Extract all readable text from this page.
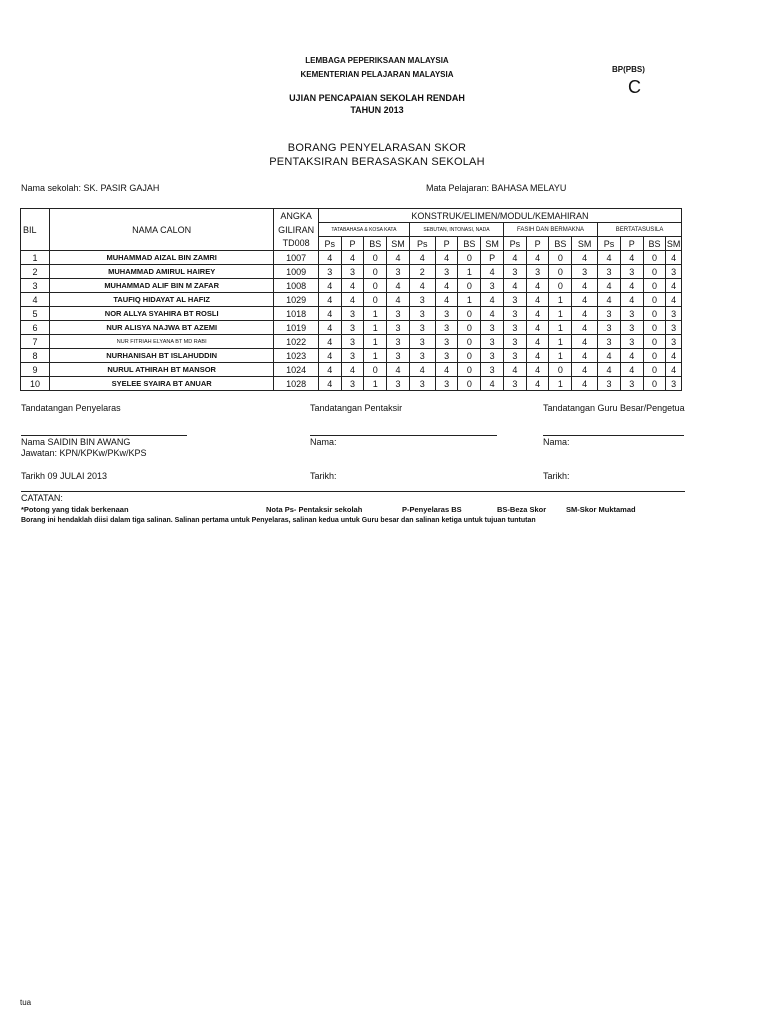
LEMBAGA PEPERIKSAAN MALAYSIA
KEMENTERIAN PELAJARAN MALAYSIA
BP(PBS)
C
UJIAN PENCAPAIAN SEKOLAH RENDAH
TAHUN 2013
BORANG PENYELARASAN SKOR
PENTAKSIRAN BERASASKAN SEKOLAH
Nama sekolah: SK. PASIR GAJAH	Mata Pelajaran: BAHASA MELAYU
BIL	NAMA CALON	ANGKA	KONSTRUK/ELIMEN/MODUL/KEMAHIRAN															
		GILIRAN	TATABAHASA & KOSA KATA				SEBUTAN, INTONASI, NADA				FASIH DAN BERMAKNA				BERTATASUSILA			
		TD008	Ps	P	BS	SM	Ps	P	BS	SM	Ps	P	BS	SM	Ps	P	BS	SM
1	MUHAMMAD AIZAL BIN ZAMRI	1007	4	4	0	4	4	4	0	P	4	4	0	4	4	4	0	4
2	MUHAMMAD AMIRUL HAIREY	1009	3	3	0	3	2	3	1	4	3	3	0	3	3	3	0	3
3	MUHAMMAD ALIF BIN M ZAFAR	1008	4	4	0	4	4	4	0	3	4	4	0	4	4	4	0	4
4	TAUFIQ HIDAYAT AL HAFIZ	1029	4	4	0	4	3	4	1	4	3	4	1	4	4	4	0	4
5	NOR ALLYA SYAHIRA BT ROSLI	1018	4	3	1	3	3	3	0	4	3	4	1	4	3	3	0	3
6	NUR ALISYA NAJWA BT AZEMI	1019	4	3	1	3	3	3	0	3	3	4	1	4	3	3	0	3
7	NUR FITRIAH ELYANA BT MD RABI	1022	4	3	1	3	3	3	0	3	3	4	1	4	3	3	0	3
8	NURHANISAH BT ISLAHUDDIN	1023	4	3	1	3	3	3	0	3	3	4	1	4	4	4	0	4
9	NURUL ATHIRAH BT MANSOR	1024	4	4	0	4	4	4	0	3	4	4	0	4	4	4	0	4
10	SYELEE SYAIRA BT ANUAR	1028	4	3	1	3	3	3	0	4	3	4	1	4	3	3	0	3
Tandatangan Penyelaras	Tandatangan Pentaksir	Tandatangan Guru Besar/Pengetua
Nama SAIDIN BIN AWANG
Jawatan: KPN/KPKw/PKw/KPS
Nama:	Nama:
Tarikh 09 JULAI 2013	Tarikh:	Tarikh:
CATATAN:
*Potong yang tidak berkenaan	Nota Ps- Pentaksir sekolah	P-Penyelaras BS	BS-Beza Skor	SM-Skor Muktamad
Borang ini hendaklah diisi dalam tiga salinan. Salinan pertama untuk Penyelaras, salinan kedua untuk Guru besar dan salinan ketiga untuk tujuan tuntutan
tua
